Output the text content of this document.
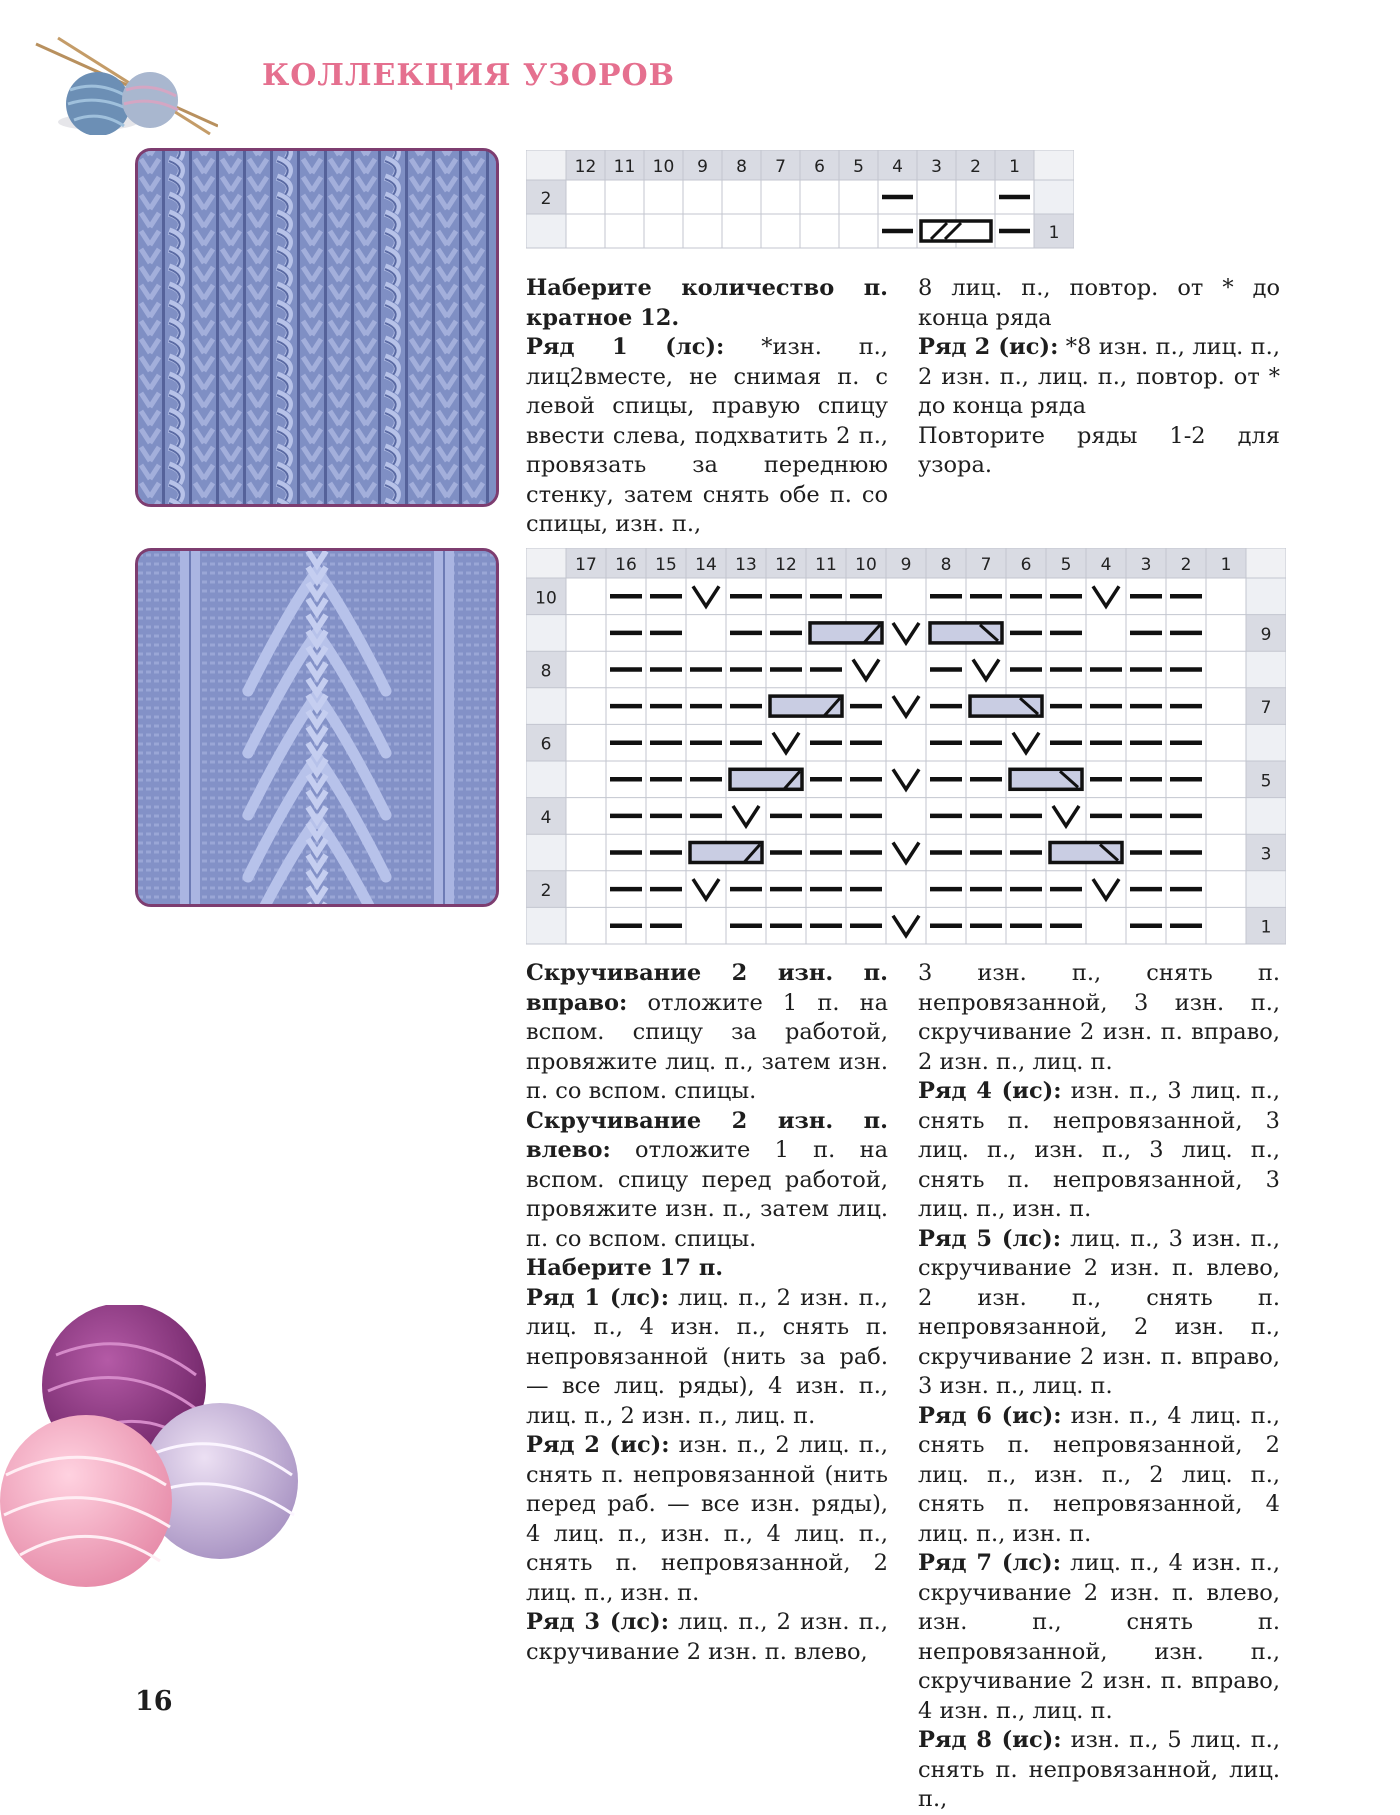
КОЛЛЕКЦИЯ УЗОРОВ
12 11 10 9 8 7 6 5 4 3 2 1
2
1
17 16 15 14 13 12 11 10 9 8 7 6 5 4 3 2 1
10
8
6
4
2
9
7
5
3
1

Наберите количество п. кратное 12.

Ряд 1 (лс): *изн. п., лиц2вместе, не снимая п. с левой спицы, правую спицу ввести слева, подхватить 2 п., провязать за переднюю стенку, затем снять обе п. со спицы, изн. п.,

8 лиц. п., повтор. от * до конца ряда

Ряд 2 (ис): *8 изн. п., лиц. п., 2 изн. п., лиц. п., повтор. от * до конца ряда

Повторите ряды 1-2 для узора.

Скручивание 2 изн. п. вправо: отложите 1 п. на вспом. спицу за работой, провяжите лиц. п., затем изн. п. со вспом. спицы.

Скручивание 2 изн. п. влево: отложите 1 п. на вспом. спицу перед работой, провяжите изн. п., затем лиц. п. со вспом. спицы.

Наберите 17 п.

Ряд 1 (лс): лиц. п., 2 изн. п., лиц. п., 4 изн. п., снять п. непровязанной (нить за раб. — все лиц. ряды), 4 изн. п., лиц. п., 2 изн. п., лиц. п.

Ряд 2 (ис): изн. п., 2 лиц. п., снять п. непровязанной (нить перед раб. — все изн. ряды), 4 лиц. п., изн. п., 4 лиц. п., снять п. непровязанной, 2 лиц. п., изн. п.

Ряд 3 (лс): лиц. п., 2 изн. п., скручивание 2 изн. п. влево,

3 изн. п., снять п. непровязанной, 3 изн. п., скручивание 2 изн. п. вправо, 2 изн. п., лиц. п.

Ряд 4 (ис): изн. п., 3 лиц. п., снять п. непровязанной, 3 лиц. п., изн. п., 3 лиц. п., снять п. непровязанной, 3 лиц. п., изн. п.

Ряд 5 (лс): лиц. п., 3 изн. п., скручивание 2 изн. п. влево, 2 изн. п., снять п. непровязанной, 2 изн. п., скручивание 2 изн. п. вправо, 3 изн. п., лиц. п.

Ряд 6 (ис): изн. п., 4 лиц. п., снять п. непровязанной, 2 лиц. п., изн. п., 2 лиц. п., снять п. непровязанной, 4 лиц. п., изн. п.

Ряд 7 (лс): лиц. п., 4 изн. п., скручивание 2 изн. п. влево, изн. п., снять п. непровязанной, изн. п., скручивание 2 изн. п. вправо, 4 изн. п., лиц. п.

Ряд 8 (ис): изн. п., 5 лиц. п., снять п. непровязанной, лиц. п.,

16
